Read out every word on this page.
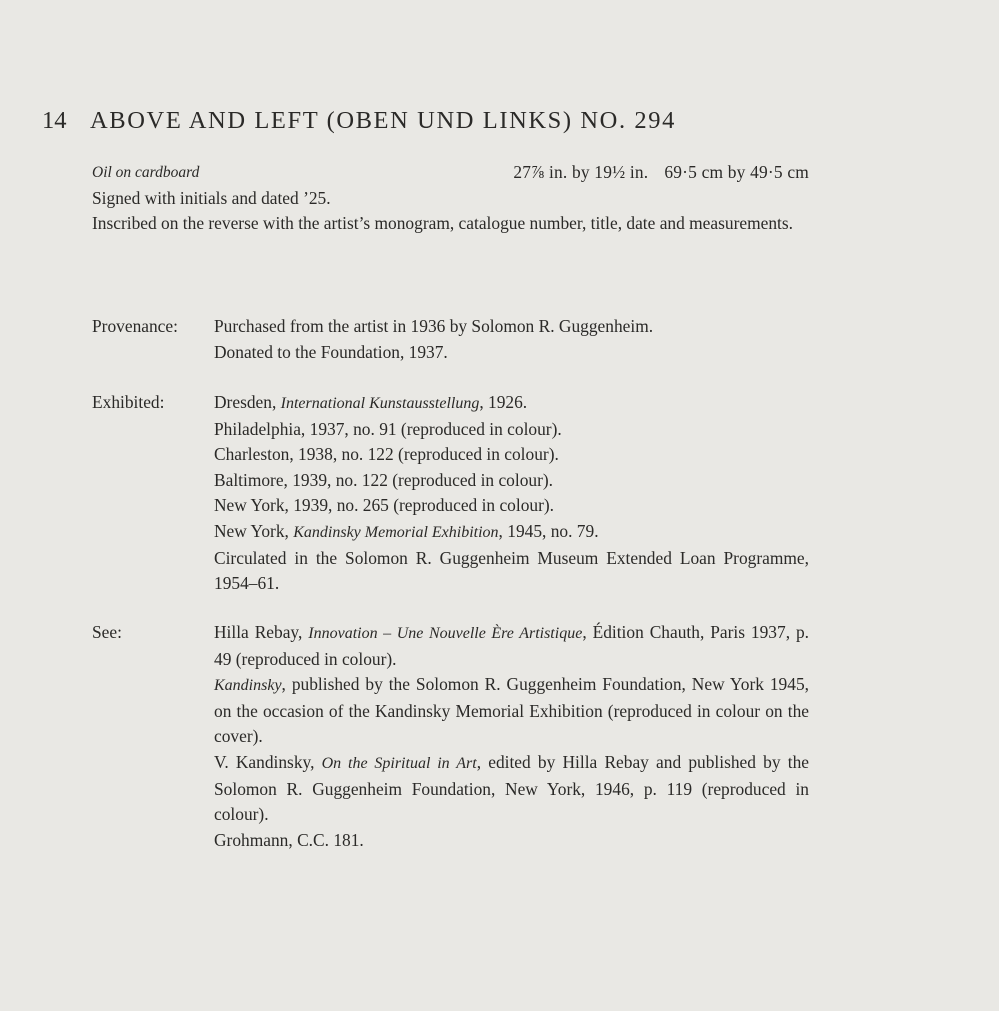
14 ABOVE AND LEFT (OBEN UND LINKS) NO. 294
Oil on cardboard	27⅞ in. by 19½ in. 69·5 cm by 49·5 cm
Signed with initials and dated ’25.
Inscribed on the reverse with the artist’s monogram, catalogue number, title, date and measurements.
Provenance:	Purchased from the artist in 1936 by Solomon R. Guggenheim.
Donated to the Foundation, 1937.
Exhibited:	Dresden, International Kunstausstellung, 1926.
Philadelphia, 1937, no. 91 (reproduced in colour).
Charleston, 1938, no. 122 (reproduced in colour).
Baltimore, 1939, no. 122 (reproduced in colour).
New York, 1939, no. 265 (reproduced in colour).
New York, Kandinsky Memorial Exhibition, 1945, no. 79.
Circulated in the Solomon R. Guggenheim Museum Extended Loan Programme, 1954–61.
See:	Hilla Rebay, Innovation – Une Nouvelle Ère Artistique, Édition Chauth, Paris 1937, p. 49 (reproduced in colour).
Kandinsky, published by the Solomon R. Guggenheim Foundation, New York 1945, on the occasion of the Kandinsky Memorial Exhibition (reproduced in colour on the cover).
V. Kandinsky, On the Spiritual in Art, edited by Hilla Rebay and published by the Solomon R. Guggenheim Foundation, New York, 1946, p. 119 (reproduced in colour).
Grohmann, C.C. 181.
